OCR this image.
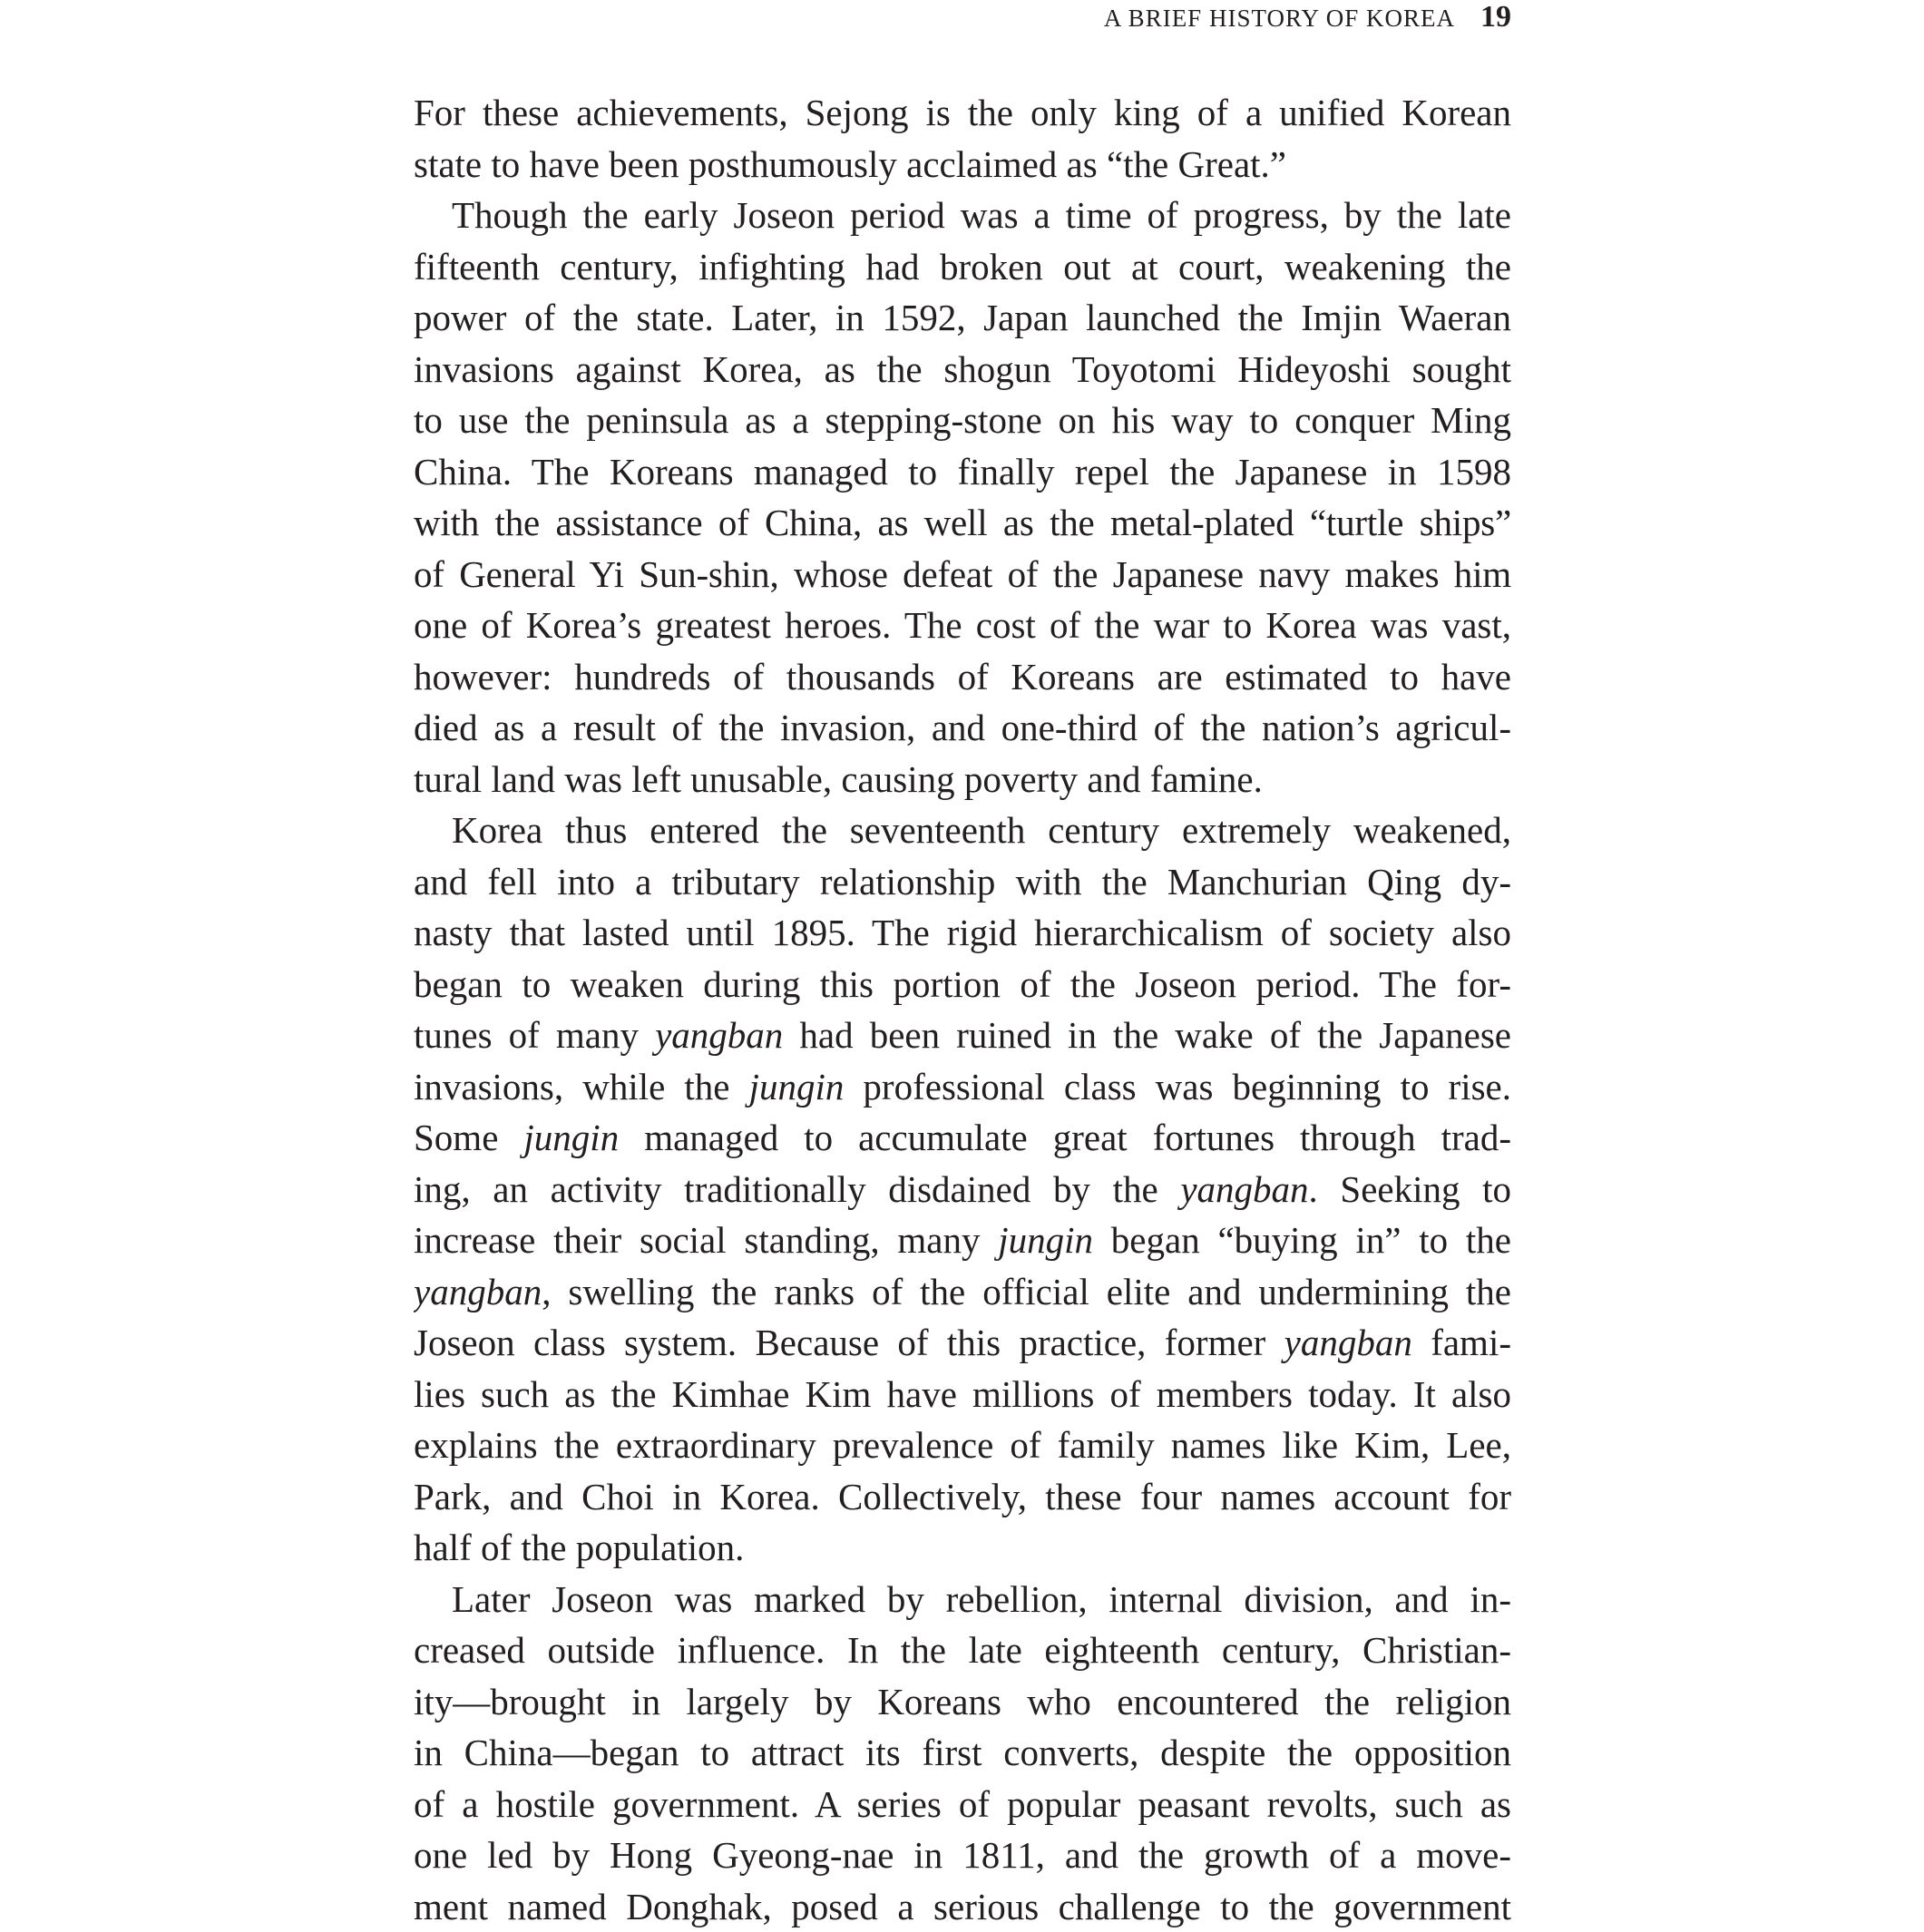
A BRIEF HISTORY OF KOREA 19
For these achievements, Sejong is the only king of a unified Korean
state to have been posthumously acclaimed as “the Great.”
Though the early Joseon period was a time of progress, by the late
fifteenth century, infighting had broken out at court, weakening the
power of the state. Later, in 1592, Japan launched the Imjin Waeran
invasions against Korea, as the shogun Toyotomi Hideyoshi sought
to use the peninsula as a stepping-stone on his way to conquer Ming
China. The Koreans managed to finally repel the Japanese in 1598
with the assistance of China, as well as the metal-plated “turtle ships”
of General Yi Sun-shin, whose defeat of the Japanese navy makes him
one of Korea’s greatest heroes. The cost of the war to Korea was vast,
however: hundreds of thousands of Koreans are estimated to have
died as a result of the invasion, and one-third of the nation’s agricul-
tural land was left unusable, causing poverty and famine.
Korea thus entered the seventeenth century extremely weakened,
and fell into a tributary relationship with the Manchurian Qing dy-
nasty that lasted until 1895. The rigid hierarchicalism of society also
began to weaken during this portion of the Joseon period. The for-
tunes of many yangban had been ruined in the wake of the Japanese
invasions, while the jungin professional class was beginning to rise.
Some jungin managed to accumulate great fortunes through trad-
ing, an activity traditionally disdained by the yangban. Seeking to
increase their social standing, many jungin began “buying in” to the
yangban, swelling the ranks of the official elite and undermining the
Joseon class system. Because of this practice, former yangban fami-
lies such as the Kimhae Kim have millions of members today. It also
explains the extraordinary prevalence of family names like Kim, Lee,
Park, and Choi in Korea. Collectively, these four names account for
half of the population.
Later Joseon was marked by rebellion, internal division, and in-
creased outside influence. In the late eighteenth century, Christian-
ity—brought in largely by Koreans who encountered the religion
in China—began to attract its first converts, despite the opposition
of a hostile government. A series of popular peasant revolts, such as
one led by Hong Gyeong-nae in 1811, and the growth of a move-
ment named Donghak, posed a serious challenge to the government
